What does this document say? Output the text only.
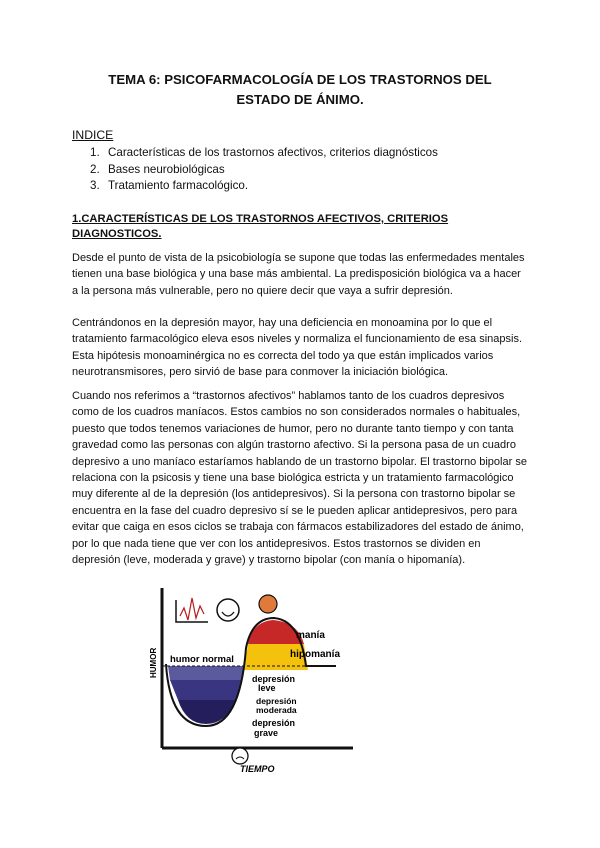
TEMA 6: PSICOFARMACOLOGÍA DE LOS TRASTORNOS DEL
ESTADO DE ÁNIMO.
INDICE
1. Características de los trastornos afectivos, criterios diagnósticos
2. Bases neurobiológicas
3. Tratamiento farmacológico.
1.CARACTERÍSTICAS DE LOS TRASTORNOS AFECTIVOS, CRITERIOS DIAGNOSTICOS.

Desde el punto de vista de la psicobiología se supone que todas las enfermedades mentales tienen una base biológica y una base más ambiental. La predisposición biológica va a hacer a la persona más vulnerable, pero no quiere decir que vaya a sufrir depresión.

Centrándonos en la depresión mayor, hay una deficiencia en monoamina por lo que el tratamiento farmacológico eleva esos niveles y normaliza el funcionamiento de esa sinapsis. Esta hipótesis monoaminérgica no es correcta del todo ya que están implicados varios neurotransmisores, pero sirvió de base para conmover la iniciación biológica.

Cuando nos referimos a “trastornos afectivos” hablamos tanto de los cuadros depresivos como de los cuadros maníacos. Estos cambios no son considerados normales o habituales, puesto que todos tenemos variaciones de humor, pero no durante tanto tiempo y con tanta gravedad como las personas con algún trastorno afectivo. Si la persona pasa de un cuadro depresivo a uno maníaco estaríamos hablando de un trastorno bipolar. El trastorno bipolar se relaciona con la psicosis y tiene una base biológica estricta y un tratamiento farmacológico muy diferente al de la depresión (los antidepresivos). Si la persona con trastorno bipolar se encuentra en la fase del cuadro depresivo sí se le pueden aplicar antidepresivos, pero para evitar que caiga en esos ciclos se trabaja con fármacos estabilizadores del estado de ánimo, por lo que nada tiene que ver con los antidepresivos. Estos trastornos se dividen en depresión (leve, moderada y grave) y trastorno bipolar (con manía o hipomanía).

manía
hipomanía
humor normal
depresión
leve
depresión
moderada
depresión
grave
HUMOR
TIEMPO
